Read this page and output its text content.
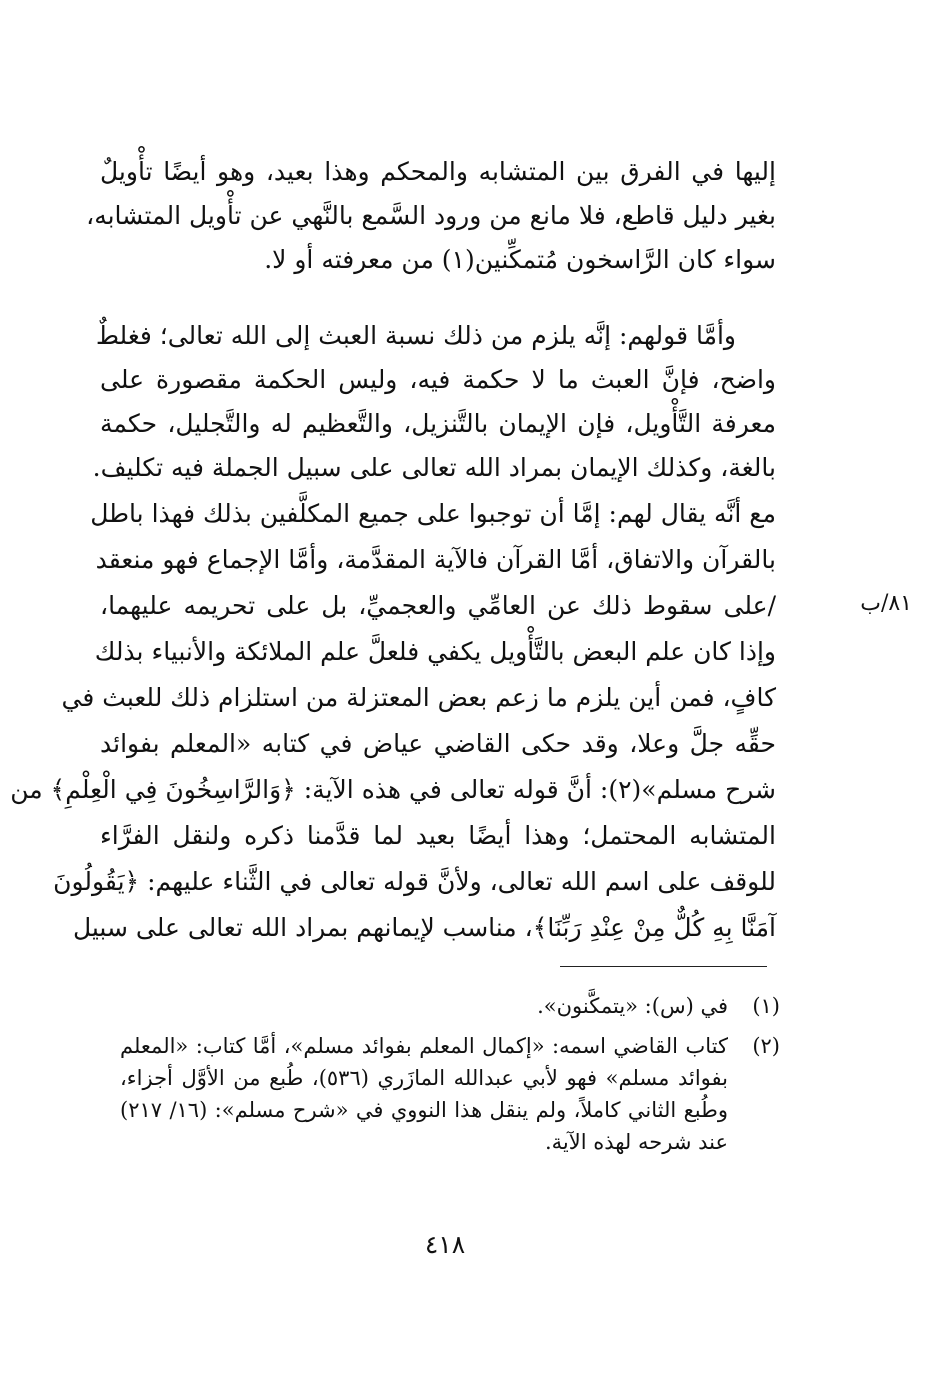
إليها في الفرق بين المتشابه والمحكم وهذا بعيد، وهو أيضًا تأْويلٌ
بغير دليل قاطع، فلا مانع من ورود السَّمع بالنَّهي عن تأْويل المتشابه،
سواء كان الرَّاسخون مُتمكِّنين(١) من معرفته أو لا.
وأمَّا قولهم: إنَّه يلزم من ذلك نسبة العبث إلى الله تعالى؛ فغلطٌ
واضح، فإنَّ العبث ما لا حكمة فيه، وليس الحكمة مقصورة على
معرفة التَّأْويل، فإن الإيمان بالتَّنزيل، والتَّعظيم له والتَّجليل، حكمة
بالغة، وكذلك الإيمان بمراد الله تعالى على سبيل الجملة فيه تكليف.
مع أنَّه يقال لهم: إمَّا أن توجبوا على جميع المكلَّفين بذلك فهذا باطل
بالقرآن والاتفاق، أمَّا القرآن فالآية المقدَّمة، وأمَّا الإجماع فهو منعقد
/على سقوط ذلك عن العامِّي والعجميِّ، بل على تحريمه عليهما،
وإذا كان علم البعض بالتَّأْويل يكفي فلعلَّ علم الملائكة والأنبياء بذلك
كافٍ، فمن أين يلزم ما زعم بعض المعتزلة من استلزام ذلك للعبث في
حقِّه جلَّ وعلا، وقد حكى القاضي عياض في كتابه «المعلم بفوائد
شرح مسلم»(٢): أنَّ قوله تعالى في هذه الآية: ﴿وَالرَّاسِخُونَ فِي الْعِلْمِ﴾ من
المتشابه المحتمل؛ وهذا أيضًا بعيد لما قدَّمنا ذكره ولنقل الفرَّاء
للوقف على اسم الله تعالى، ولأنَّ قوله تعالى في الثَّناء عليهم: ﴿يَقُولُونَ
آمَنَّا بِهِ كُلٌّ مِنْ عِنْدِ رَبِّنَا﴾، مناسب لإيمانهم بمراد الله تعالى على سبيل
٨١/ب
(١)
في (س): «يتمكَّنون».
(٢)
كتاب القاضي اسمه: «إكمال المعلم بفوائد مسلم»، أمَّا كتاب: «المعلم
بفوائد مسلم» فهو لأبي عبدالله المازَري (٥٣٦)، طُبع من الأوَّل أجزاء،
وطُبع الثاني كاملاً، ولم ينقل هذا النووي في «شرح مسلم»: (١٦/ ٢١٧)
عند شرحه لهذه الآية.
٤١٨
